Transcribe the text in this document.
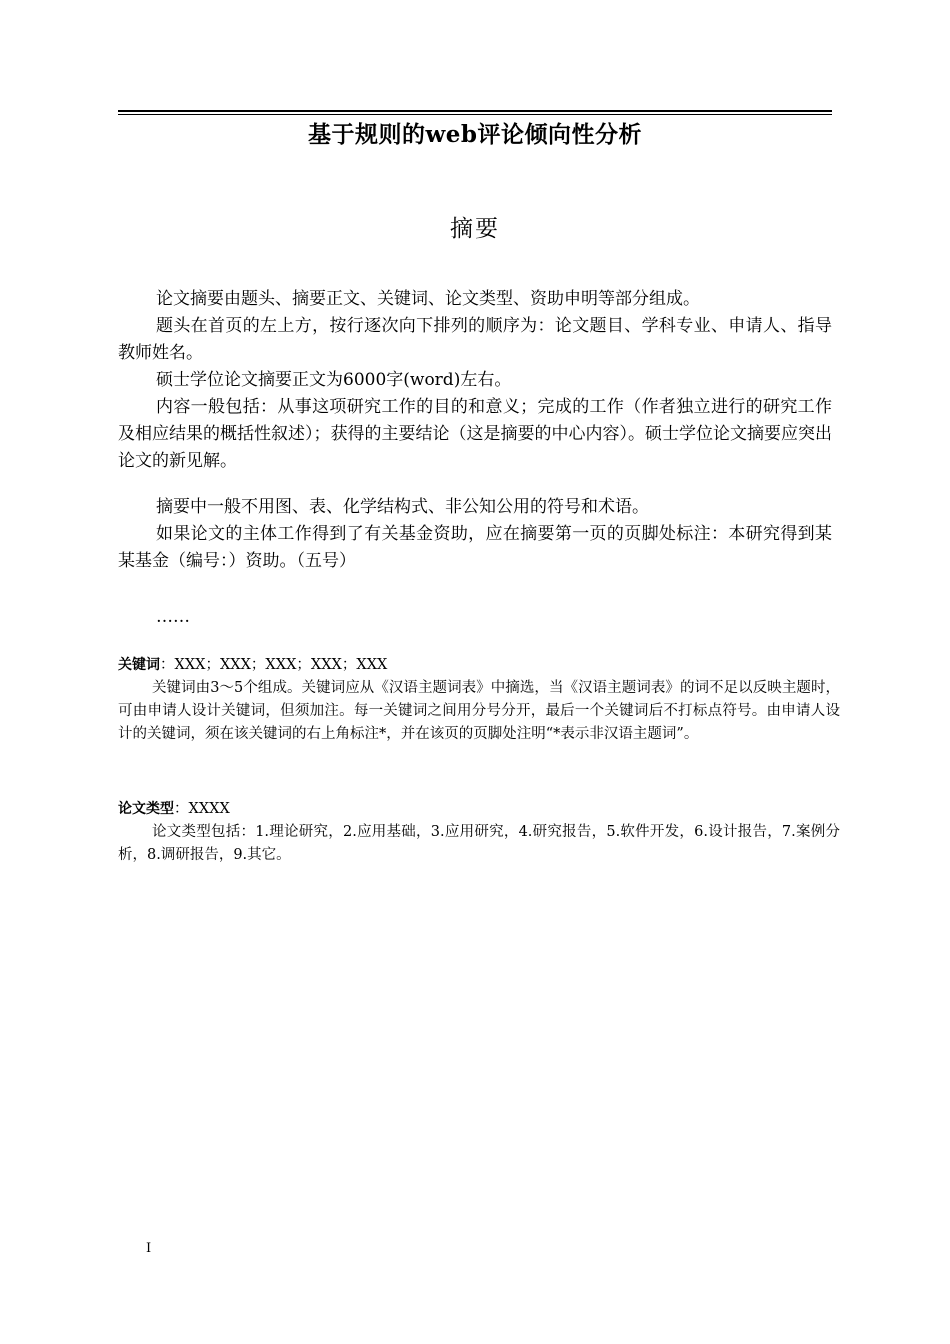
基于规则的web评论倾向性分析
摘要

论文摘要由题头、摘要正文、关键词、论文类型、资助申明等部分组成。

题头在首页的左上方，按行逐次向下排列的顺序为：论文题目、学科专业、申请人、指导教师姓名。

硕士学位论文摘要正文为6000字(word)左右。

内容一般包括：从事这项研究工作的目的和意义；完成的工作（作者独立进行的研究工作及相应结果的概括性叙述）；获得的主要结论（这是摘要的中心内容）。硕士学位论文摘要应突出论文的新见解。

摘要中一般不用图、表、化学结构式、非公知公用的符号和术语。

如果论文的主体工作得到了有关基金资助，应在摘要第一页的页脚处标注：本研究得到某某基金（编号：）资助。（五号）

……

关键词：XXX；XXX；XXX；XXX；XXX

关键词由3～5个组成。关键词应从《汉语主题词表》中摘选，当《汉语主题词表》的词不足以反映主题时，可由申请人设计关键词，但须加注。每一关键词之间用分号分开，最后一个关键词后不打标点符号。由申请人设计的关键词，须在该关键词的右上角标注*，并在该页的页脚处注明“*表示非汉语主题词”。

论文类型：XXXX

论文类型包括：1.理论研究，2.应用基础，3.应用研究，4.研究报告，5.软件开发，6.设计报告，7.案例分析，8.调研报告，9.其它。

I
